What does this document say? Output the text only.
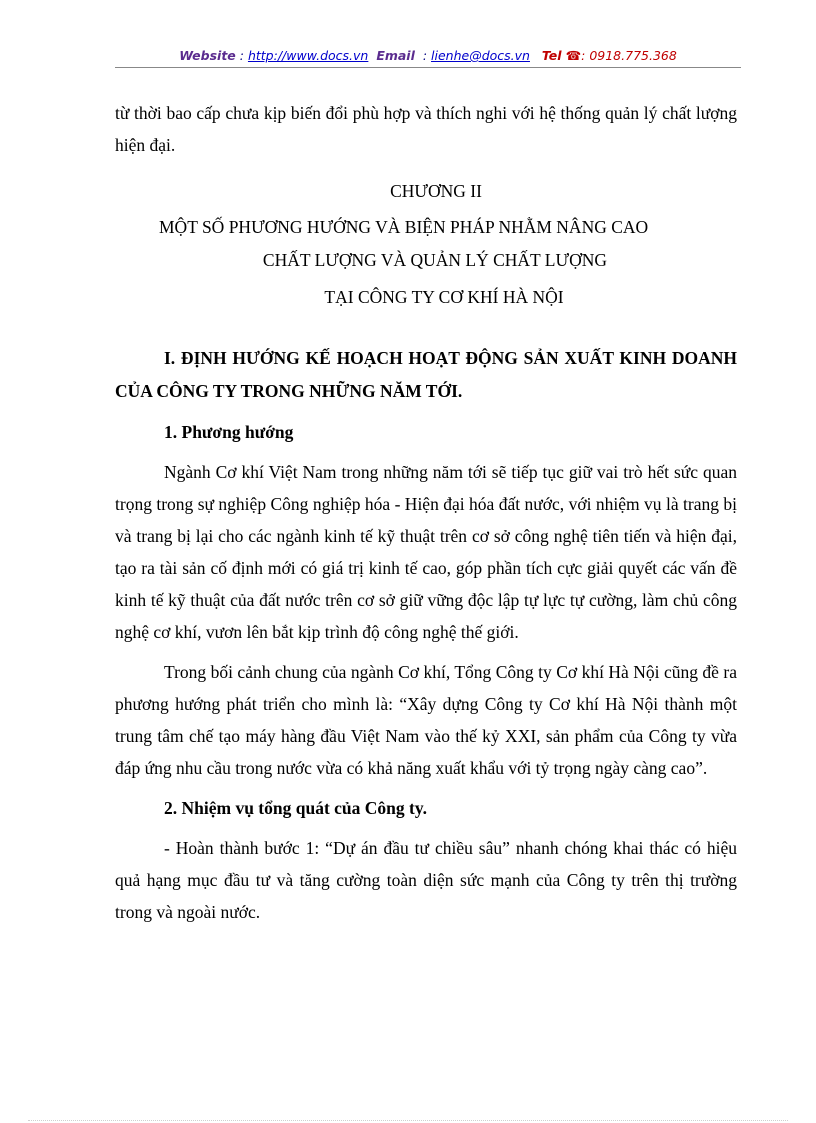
Website : http://www.docs.vn Email  : lienhe@docs.vn Tel ☎: 0918.775.368

từ thời bao cấp chưa kịp biến đổi phù hợp và thích nghi với hệ thống quản lý chất lượng hiện đại.

CHƯƠNG II

MỘT SỐ PHƯƠNG HƯỚNG VÀ BIỆN PHÁP NHẰM NÂNG CAO

CHẤT LƯỢNG VÀ QUẢN LÝ CHẤT LƯỢNG

TẠI CÔNG TY CƠ KHÍ HÀ NỘI

I. ĐỊNH HƯỚNG KẾ HOẠCH HOẠT ĐỘNG SẢN XUẤT KINH DOANH CỦA CÔNG TY TRONG NHỮNG NĂM TỚI.

1. Phương hướng

Ngành Cơ khí Việt Nam trong những năm tới sẽ tiếp tục giữ vai trò hết sức quan trọng trong sự nghiệp Công nghiệp hóa - Hiện đại hóa đất nước, với nhiệm vụ là trang bị và trang bị lại cho các ngành kinh tế kỹ thuật trên cơ sở công nghệ tiên tiến và hiện đại, tạo ra tài sản cố định mới có giá trị kinh tế cao, góp phần tích cực giải quyết các vấn đề kinh tế kỹ thuật của đất nước trên cơ sở giữ vững độc lập tự lực tự cường, làm chủ công nghệ cơ khí, vươn lên bắt kịp trình độ công nghệ thế giới.

Trong bối cảnh chung của ngành Cơ khí, Tổng Công ty Cơ khí Hà Nội cũng đề ra phương hướng phát triển cho mình là: “Xây dựng Công ty Cơ khí Hà Nội thành một trung tâm chế tạo máy hàng đầu Việt Nam vào thế kỷ XXI, sản phẩm của Công ty vừa đáp ứng nhu cầu trong nước vừa có khả năng xuất khẩu với tỷ trọng ngày càng cao”.

2. Nhiệm vụ tổng quát của Công ty.

- Hoàn thành bước 1: “Dự án đầu tư chiều sâu” nhanh chóng khai thác có hiệu quả hạng mục đầu tư và tăng cường toàn diện sức mạnh của Công ty trên thị trường trong và ngoài nước.
